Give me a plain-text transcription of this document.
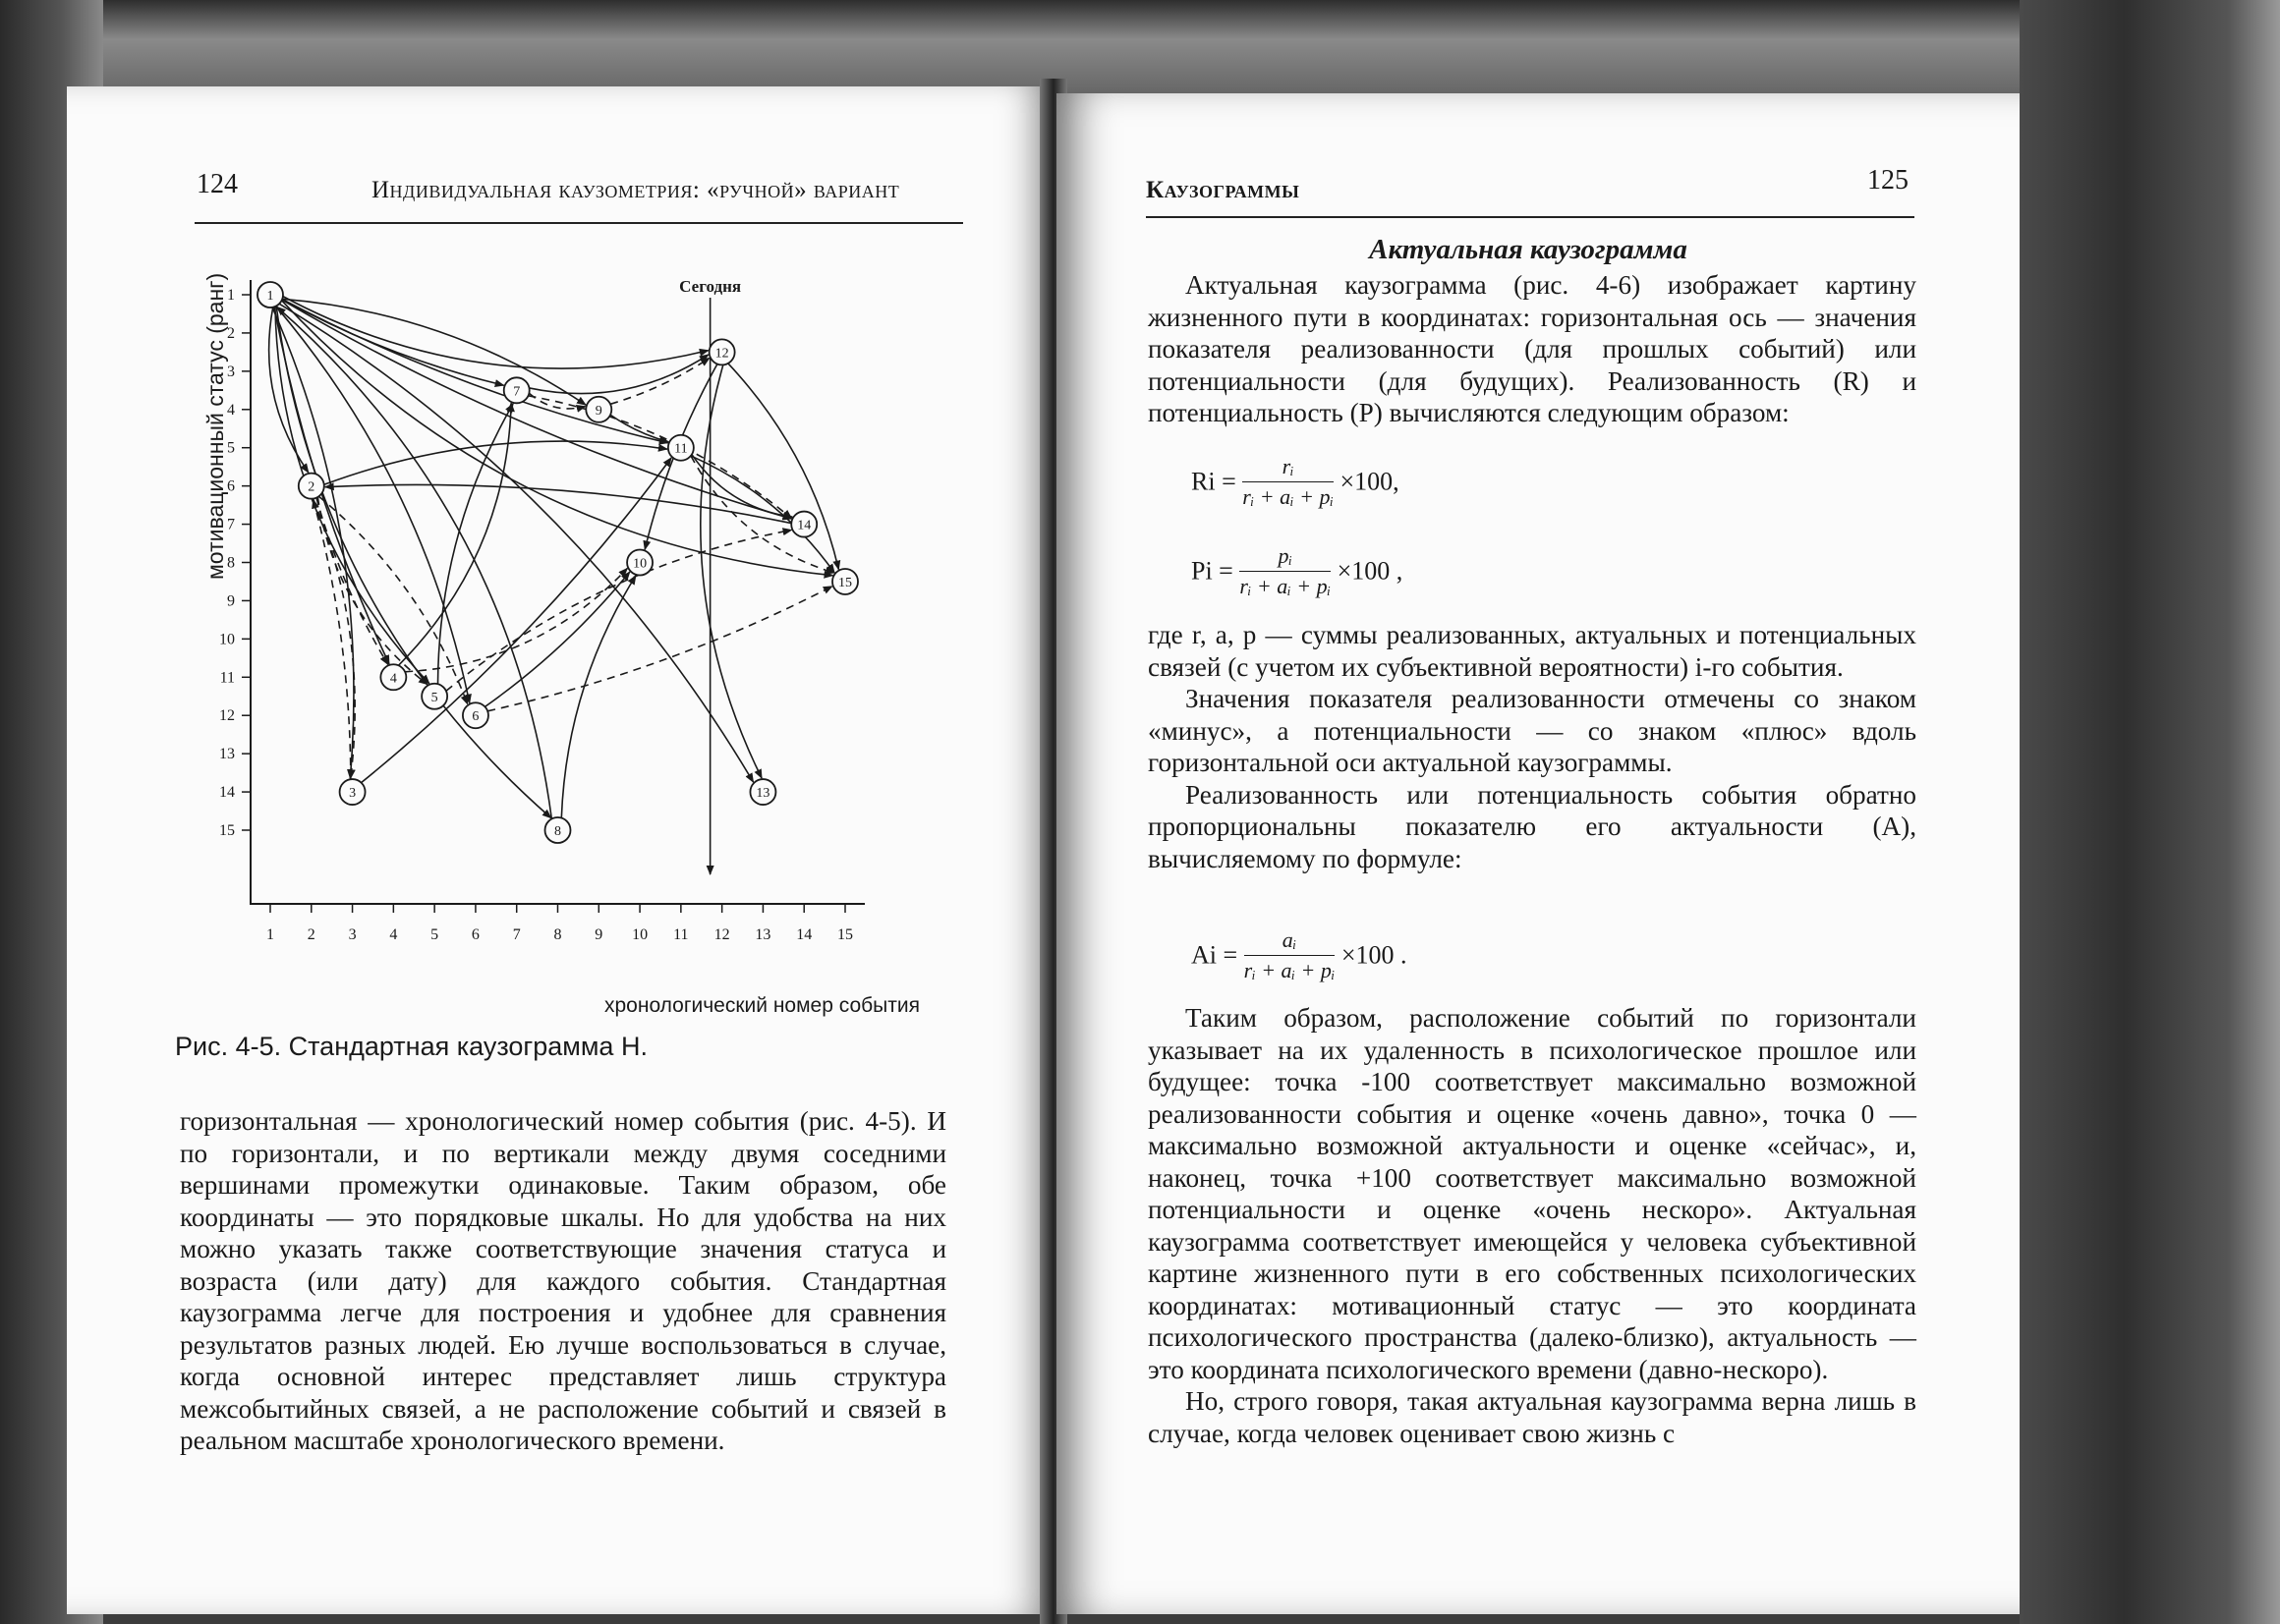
124	Индивидуальная каузометрия: «ручной» вариант
мотивационный статус (ранг)
1 2 3 4 5 6 7 8 9 10 11 12 13 14 15
1
2
3
4
5
6
7
8
9
10
11
12
13
14
15
1
2
3
4
5
6
7
8
9
10
11
12
13
14
15
Сегодня
хронологический номер события
Рис. 4-5. Стандартная каузограмма Н.

горизонтальная — хронологический номер события (рис. 4-5). И по горизонтали, и по вертикали между двумя соседними вершинами промежутки одинаковые. Таким образом, обе координаты — это порядковые шкалы. Но для удобства на них можно указать также соответствующие значения статуса и возраста (или дату) для каждого события. Стандартная каузограмма легче для построения и удобнее для сравнения результатов разных людей. Ею лучше воспользоваться в случае, когда основной интерес представляет лишь структура межсобытийных связей, а не расположение событий и связей в реальном масштабе хронологического времени.

Каузограммы	125
Актуальная каузограмма

Актуальная каузограмма (рис. 4-6) изображает картину жизненного пути в координатах: горизонтальная ось — значения показателя реализованности (для прошлых событий) или потенциальности (для будущих). Реализованность (R) и потенциальность (P) вычисляются следующим образом:

$Ri = \frac{\text{rᵢ}}{\text{rᵢ + aᵢ + pᵢ}} \times 100$,
$Pi = \frac{\text{pᵢ}}{\text{rᵢ + aᵢ + pᵢ}} \times 100$ ,

где r, a, p — суммы реализованных, актуальных и потенциальных связей (с учетом их субъективной вероятности) i-го события.

Значения показателя реализованности отмечены со знаком «минус», а потенциальности — со знаком «плюс» вдоль горизонтальной оси актуальной каузограммы.

Реализованность или потенциальность события обратно пропорциональны показателю его актуальности (A), вычисляемому по формуле:

$Ai = \frac{\text{aᵢ}}{\text{rᵢ + aᵢ + pᵢ}} \times 100$ .

Таким образом, расположение событий по горизонтали указывает на их удаленность в психологическое прошлое или будущее: точка -100 соответствует максимально возможной реализованности события и оценке «очень давно», точка 0 — максимально возможной актуальности и оценке «сейчас», и, наконец, точка +100 соответствует максимально возможной потенциальности и оценке «очень нескоро». Актуальная каузограмма соответствует имеющейся у человека субъективной картине жизненного пути в его собственных психологических координатах: мотивационный статус — это координата психологического пространства (далеко-близко), актуальность — это координата психологического времени (давно-нескоро).

Но, строго говоря, такая актуальная каузограмма верна лишь в случае, когда человек оценивает свою жизнь с
